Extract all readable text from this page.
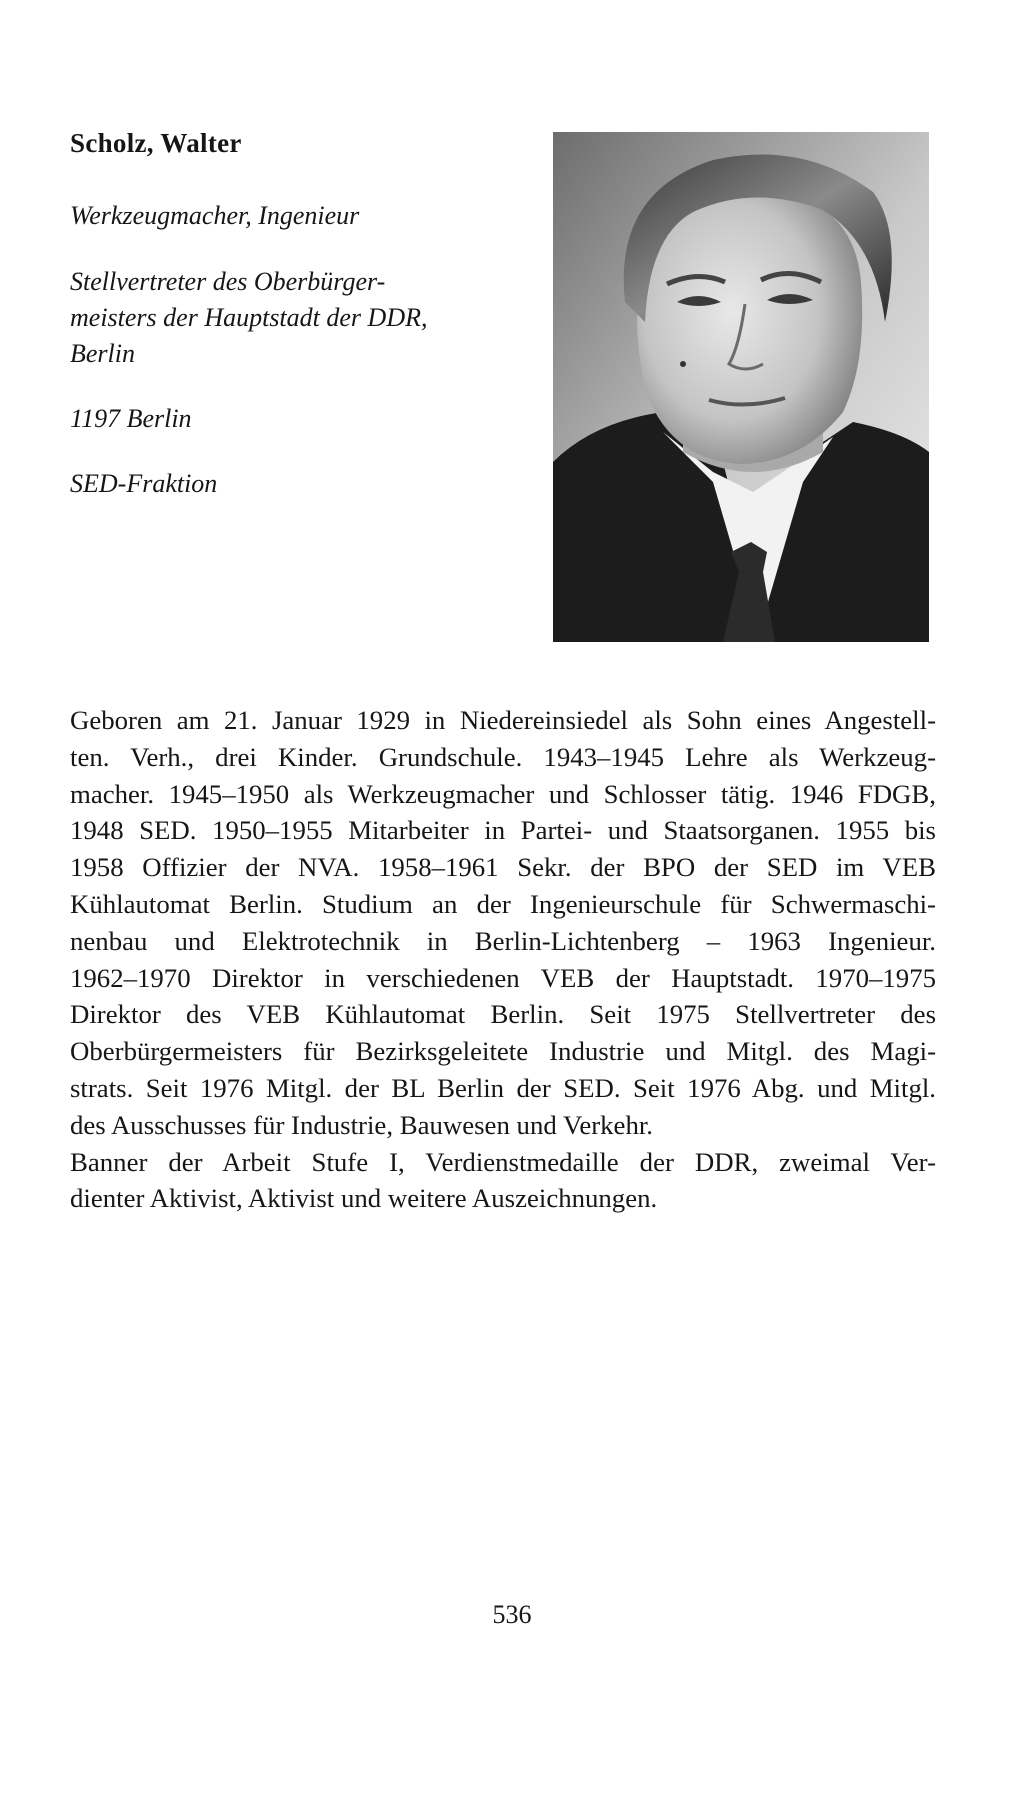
Scholz, Walter

Werkzeugmacher, Ingenieur

Stellvertreter des Oberbürger-

meisters der Hauptstadt der DDR,

Berlin

1197 Berlin

SED-Fraktion

Geboren am 21. Januar 1929 in Niedereinsiedel als Sohn eines Angestell-
ten. Verh., drei Kinder. Grundschule. 1943–1945 Lehre als Werkzeug-
macher. 1945–1950 als Werkzeugmacher und Schlosser tätig. 1946 FDGB,
1948 SED. 1950–1955 Mitarbeiter in Partei- und Staatsorganen. 1955 bis
1958 Offizier der NVA. 1958–1961 Sekr. der BPO der SED im VEB
Kühlautomat Berlin. Studium an der Ingenieurschule für Schwermaschi-
nenbau und Elektrotechnik in Berlin-Lichtenberg – 1963 Ingenieur.
1962–1970 Direktor in verschiedenen VEB der Hauptstadt. 1970–1975
Direktor des VEB Kühlautomat Berlin. Seit 1975 Stellvertreter des
Oberbürgermeisters für Bezirksgeleitete Industrie und Mitgl. des Magi-
strats. Seit 1976 Mitgl. der BL Berlin der SED. Seit 1976 Abg. und Mitgl.
des Ausschusses für Industrie, Bauwesen und Verkehr.
Banner der Arbeit Stufe I, Verdienstmedaille der DDR, zweimal Ver-
dienter Aktivist, Aktivist und weitere Auszeichnungen.

536
